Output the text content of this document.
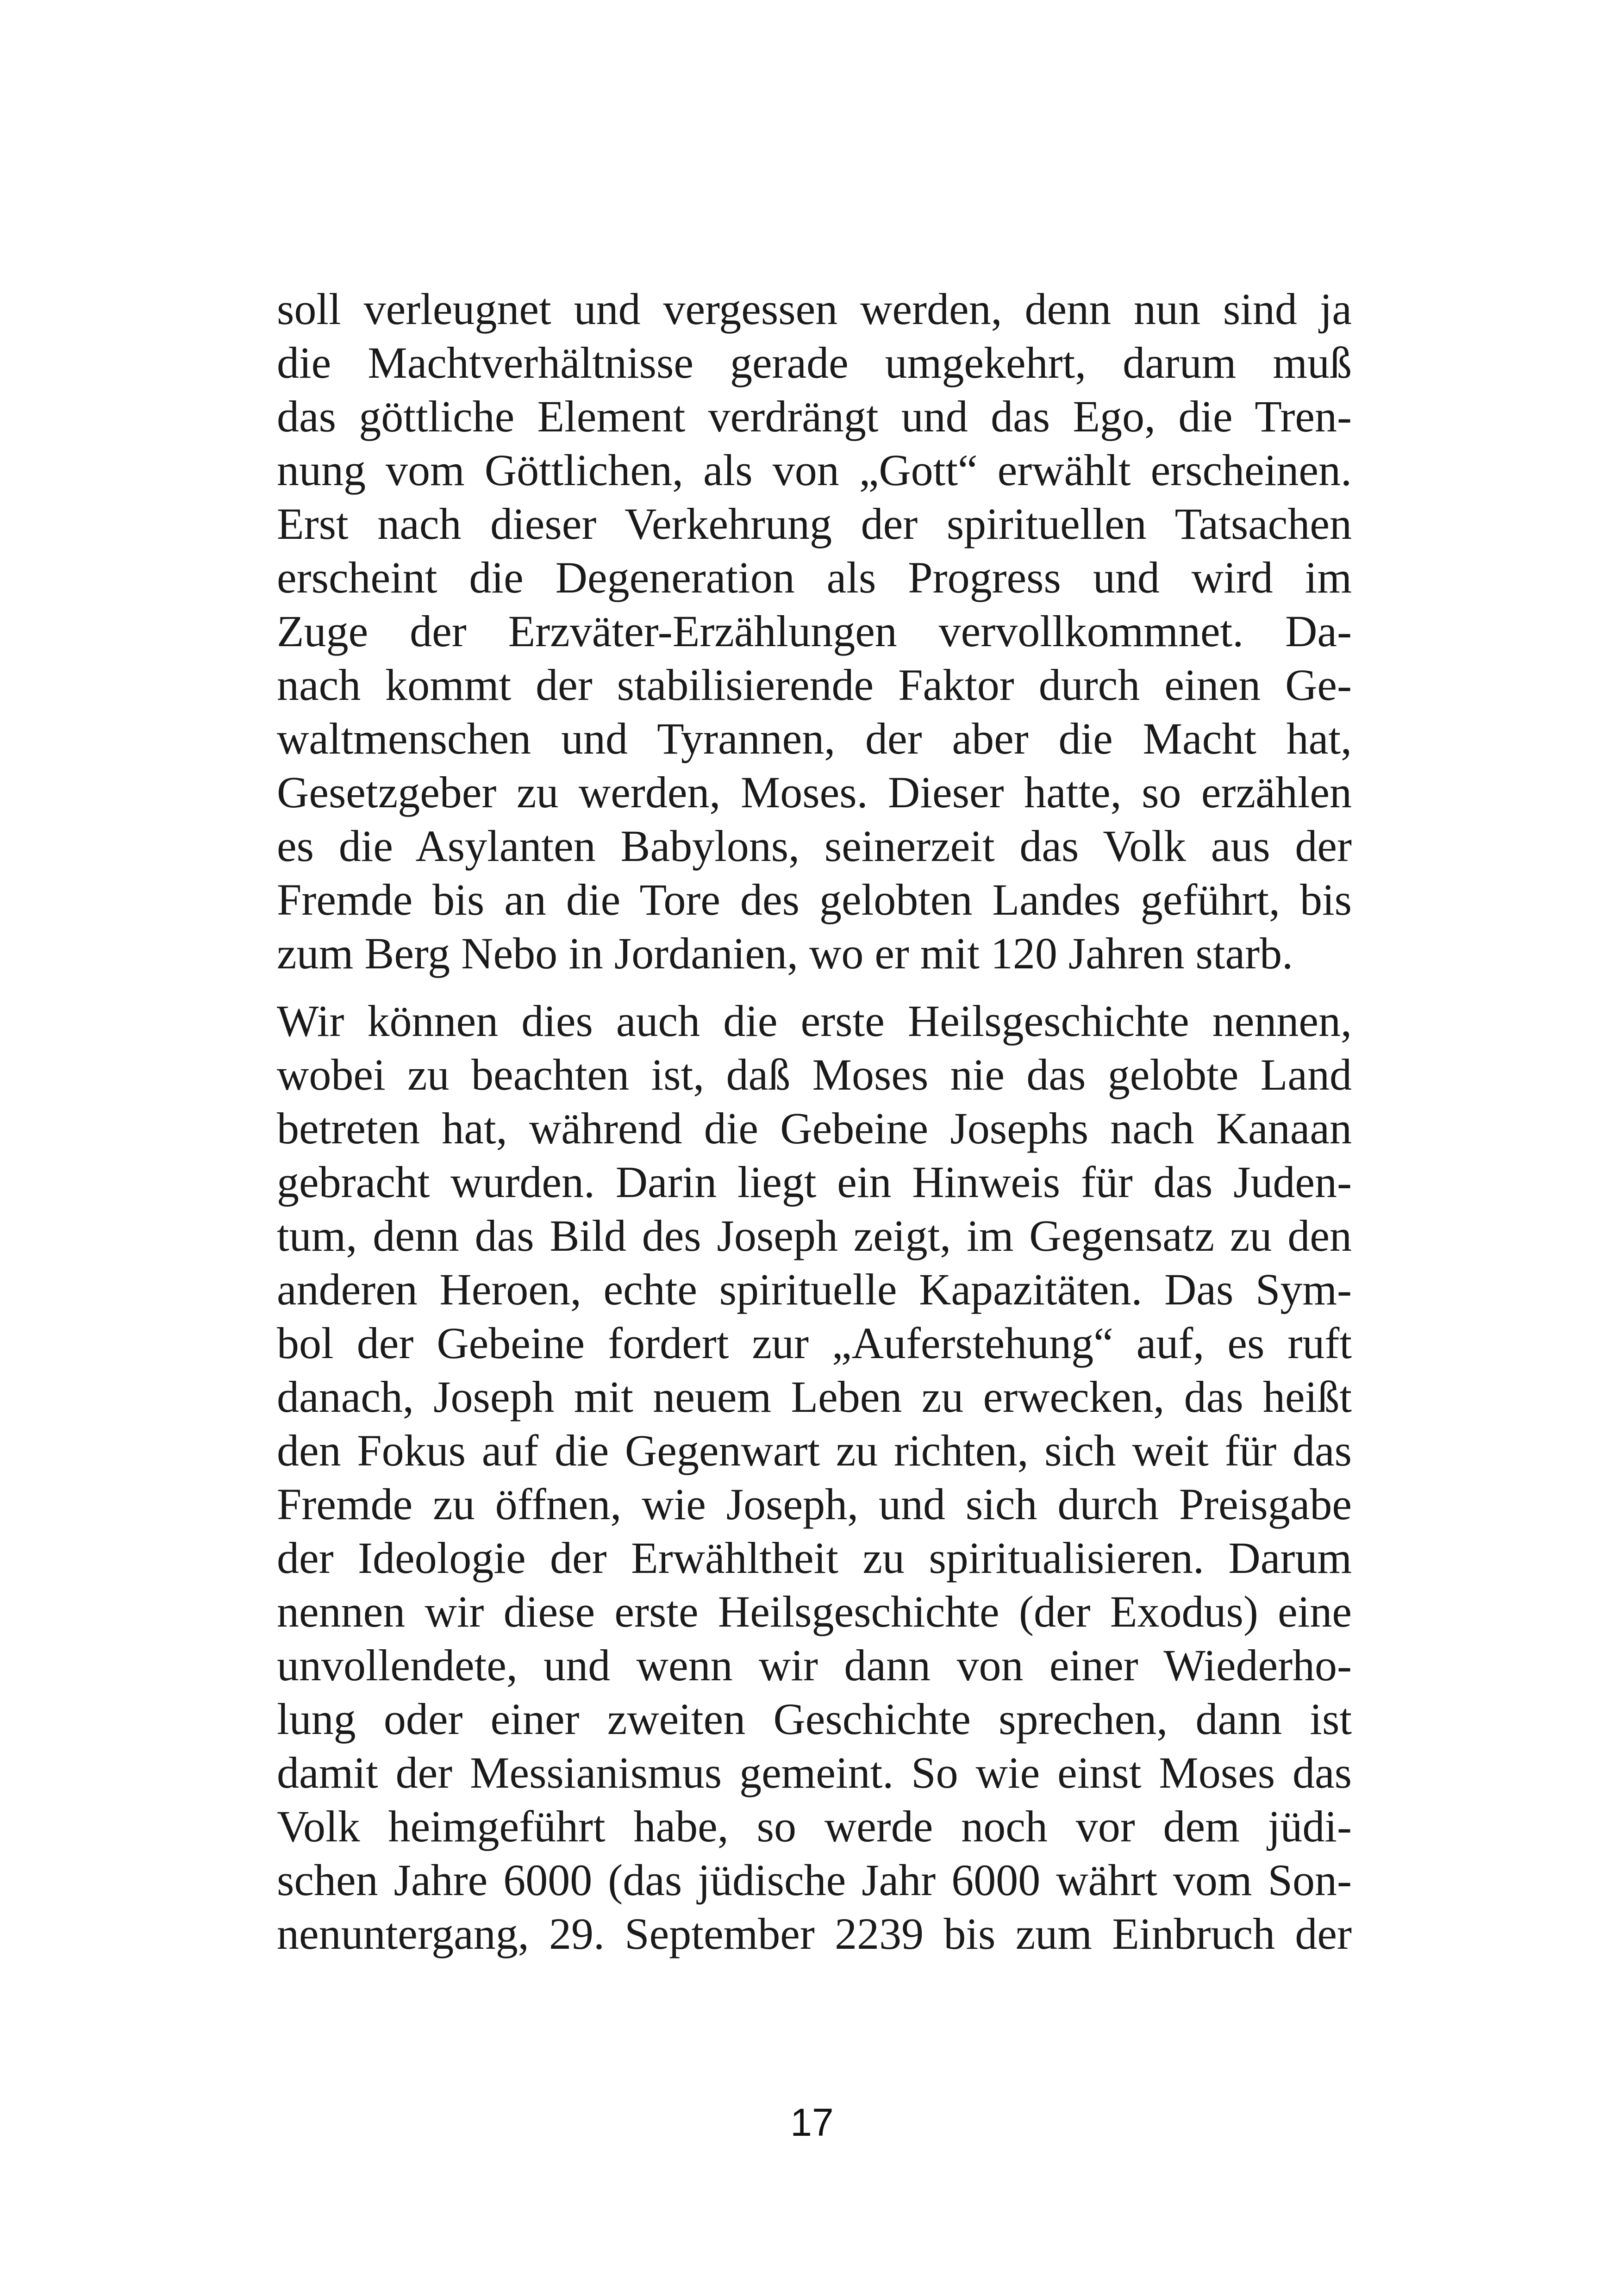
soll verleugnet und vergessen werden, denn nun sind ja
die Machtverhältnisse gerade umgekehrt, darum muß
das göttliche Element verdrängt und das Ego, die Tren-
nung vom Göttlichen, als von „Gott“ erwählt erscheinen.
Erst nach dieser Verkehrung der spirituellen Tatsachen
erscheint die Degeneration als Progress und wird im
Zuge der Erzväter-Erzählungen vervollkommnet. Da-
nach kommt der stabilisierende Faktor durch einen Ge-
waltmenschen und Tyrannen, der aber die Macht hat,
Gesetzgeber zu werden, Moses. Dieser hatte, so erzählen
es die Asylanten Babylons, seinerzeit das Volk aus der
Fremde bis an die Tore des gelobten Landes geführt, bis
zum Berg Nebo in Jordanien, wo er mit 120 Jahren starb.
Wir können dies auch die erste Heilsgeschichte nennen,
wobei zu beachten ist, daß Moses nie das gelobte Land
betreten hat, während die Gebeine Josephs nach Kanaan
gebracht wurden. Darin liegt ein Hinweis für das Juden-
tum, denn das Bild des Joseph zeigt, im Gegensatz zu den
anderen Heroen, echte spirituelle Kapazitäten. Das Sym-
bol der Gebeine fordert zur „Auferstehung“ auf, es ruft
danach, Joseph mit neuem Leben zu erwecken, das heißt
den Fokus auf die Gegenwart zu richten, sich weit für das
Fremde zu öffnen, wie Joseph, und sich durch Preisgabe
der Ideologie der Erwähltheit zu spiritualisieren. Darum
nennen wir diese erste Heilsgeschichte (der Exodus) eine
unvollendete, und wenn wir dann von einer Wiederho-
lung oder einer zweiten Geschichte sprechen, dann ist
damit der Messianismus gemeint. So wie einst Moses das
Volk heimgeführt habe, so werde noch vor dem jüdi-
schen Jahre 6000 (das jüdische Jahr 6000 währt vom Son-
nenuntergang, 29. September 2239 bis zum Einbruch der
17
